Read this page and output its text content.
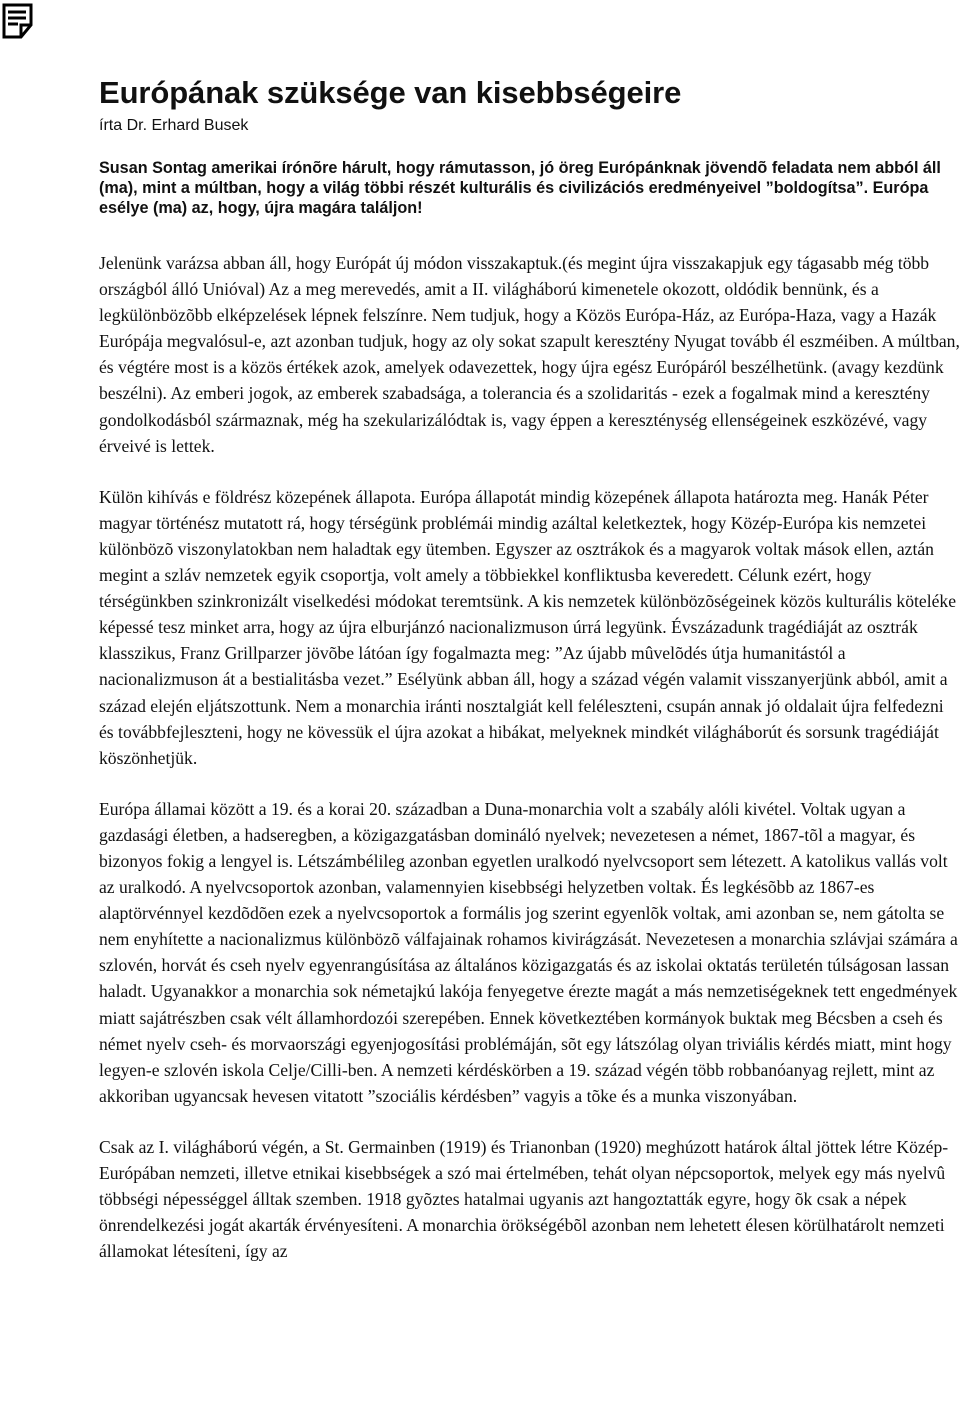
Európának szüksége van kisebbségeire

írta Dr. Erhard Busek

Susan Sontag amerikai írónõre hárult, hogy rámutasson, jó öreg Európánknak jövendõ feladata nem abból áll (ma), mint a múltban, hogy a világ többi részét kulturális és civilizációs eredményeivel ”boldogítsa”. Európa esélye (ma) az, hogy, újra magára találjon!

Jelenünk varázsa abban áll, hogy Európát új módon visszakaptuk.(és megint újra visszakapjuk egy tágasabb még több országból álló Unióval) Az a meg merevedés, amit a II. világháború kimenetele okozott, oldódik bennünk, és a legkülönbözõbb elképzelések lépnek felszínre. Nem tudjuk, hogy a Közös Európa-Ház, az Európa-Haza, vagy a Hazák Európája megvalósul-e, azt azonban tudjuk, hogy az oly sokat szapult keresztény Nyugat tovább él eszméiben. A múltban, és végtére most is a közös értékek azok, amelyek odavezettek, hogy újra egész Európáról beszélhetünk. (avagy kezdünk beszélni). Az emberi jogok, az emberek szabadsága, a tolerancia és a szolidaritás - ezek a fogalmak mind a keresztény gondolkodásból származnak, még ha szekularizálódtak is, vagy éppen a kereszténység ellenségeinek eszközévé, vagy érveivé is lettek.

Külön kihívás e földrész közepének állapota. Európa állapotát mindig közepének állapota határozta meg. Hanák Péter magyar történész mutatott rá, hogy térségünk problémái mindig azáltal keletkeztek, hogy Közép-Európa kis nemzetei különbözõ viszonylatokban nem haladtak egy ütemben. Egyszer az osztrákok és a magyarok voltak mások ellen, aztán megint a szláv nemzetek egyik csoportja, volt amely a többiekkel konfliktusba keveredett. Célunk ezért, hogy térségünkben szinkronizált viselkedési módokat teremtsünk. A kis nemzetek különbözõségeinek közös kulturális köteléke képessé tesz minket arra, hogy az újra elburjánzó nacionalizmuson úrrá legyünk. Évszázadunk tragédiáját az osztrák klasszikus, Franz Grillparzer jövõbe látóan így fogalmazta meg: ”Az újabb mûvelõdés útja humanitástól a nacionalizmuson át a bestialitásba vezet.” Esélyünk abban áll, hogy a század végén valamit visszanyerjünk abból, amit a század elején eljátszottunk. Nem a monarchia iránti nosztalgiát kell feléleszteni, csupán annak jó oldalait újra felfedezni és továbbfejleszteni, hogy ne kövessük el újra azokat a hibákat, melyeknek mindkét világháborút és sorsunk tragédiáját köszönhetjük.

Európa államai között a 19. és a korai 20. században a Duna-monarchia volt a szabály alóli kivétel. Voltak ugyan a gazdasági életben, a hadseregben, a közigazgatásban domináló nyelvek; nevezetesen a német, 1867-tõl a magyar, és bizonyos fokig a lengyel is. Létszámbélileg azonban egyetlen uralkodó nyelvcsoport sem létezett. A katolikus vallás volt az uralkodó. A nyelvcsoportok azonban, valamennyien kisebbségi helyzetben voltak. És legkésõbb az 1867-es alaptörvénnyel kezdõdõen ezek a nyelvcsoportok a formális jog szerint egyenlõk voltak, ami azonban se, nem gátolta se nem enyhítette a nacionalizmus különbözõ válfajainak rohamos kivirágzását. Nevezetesen a monarchia szlávjai számára a szlovén, horvát és cseh nyelv egyenrangúsítása az általános közigazgatás és az iskolai oktatás területén túlságosan lassan haladt. Ugyanakkor a monarchia sok németajkú lakója fenyegetve érezte magát a más nemzetiségeknek tett engedmények miatt sajátrészben csak vélt államhordozói szerepében. Ennek következtében kormányok buktak meg Bécsben a cseh és német nyelv cseh- és morvaországi egyenjogosítási problémáján, sõt egy látszólag olyan triviális kérdés miatt, mint hogy legyen-e szlovén iskola Celje/Cilli-ben. A nemzeti kérdéskörben a 19. század végén több robbanóanyag rejlett, mint az akkoriban ugyancsak hevesen vitatott ”szociális kérdésben” vagyis a tõke és a munka viszonyában.

Csak az I. világháború végén, a St. Germainben (1919) és Trianonban (1920) meghúzott határok által jöttek létre Közép-Európában nemzeti, illetve etnikai kisebbségek a szó mai értelmében, tehát olyan népcsoportok, melyek egy más nyelvû többségi népességgel álltak szemben. 1918 gyõztes hatalmai ugyanis azt hangoztatták egyre, hogy õk csak a népek önrendelkezési jogát akarták érvényesíteni. A monarchia örökségébõl azonban nem lehetett élesen körülhatárolt nemzeti államokat létesíteni, így az
